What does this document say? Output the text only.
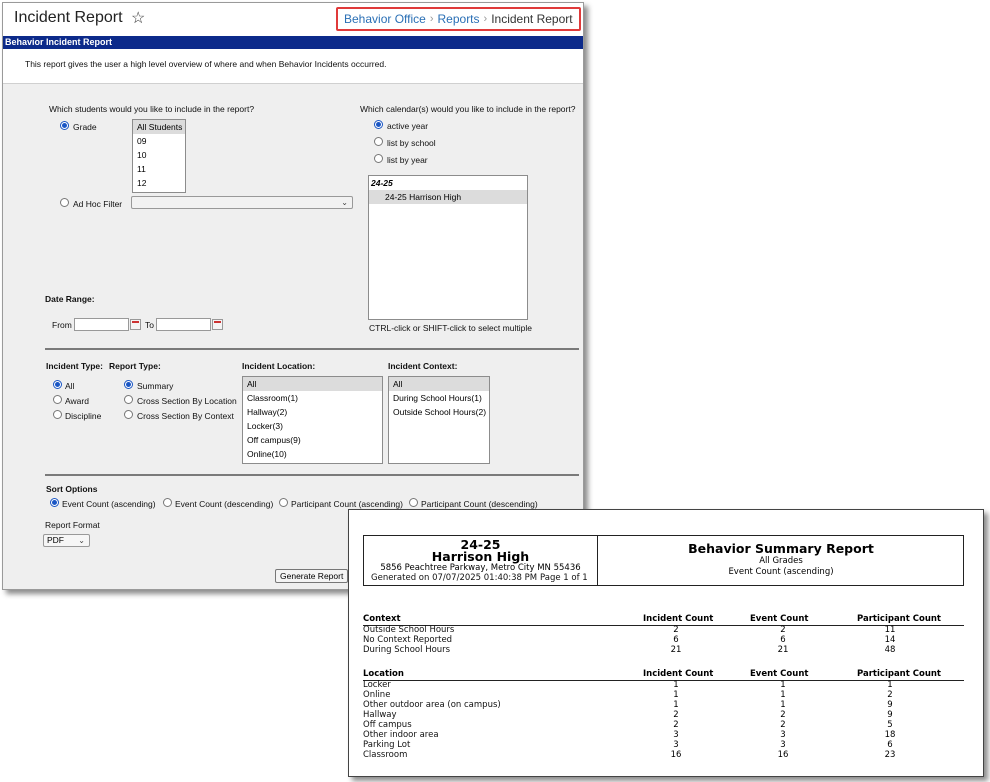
Incident Report ☆	Behavior Office › Reports › Incident Report
Behavior Incident Report
This report gives the user a high level overview of where and when Behavior Incidents occurred.
Which students would you like to include in the report?
Grade	All Students
09
10
11
12
Ad Hoc Filter	⌄
Which calendar(s) would you like to include in the report?
active year
list by school
list by year
24-25
24-25 Harrison High
CTRL-click or SHIFT-click to select multiple
Date Range:
From	To
Incident Type:
All
Award
Discipline
Report Type:
Summary
Cross Section By Location
Cross Section By Context
Incident Location:
All
Classroom(1)
Hallway(2)
Locker(3)
Off campus(9)
Online(10)
Incident Context:
All
During School Hours(1)
Outside School Hours(2)
Sort Options
Event Count (ascending) Event Count (descending) Participant Count (ascending) Participant Count (descending)
Report Format
PDF ⌄
Generate Report
24-25
Harrison High
5856 Peachtree Parkway, Metro City MN 55436
Generated on 07/07/2025 01:40:38 PM Page 1 of 1
Behavior Summary Report
All Grades
Event Count (ascending)
Context	Incident Count	Event Count	Participant Count
Outside School Hours	2	2	11
No Context Reported	6	6	14
During School Hours	21	21	48
Location	Incident Count	Event Count	Participant Count
Locker	1	1	1
Online	1	1	2
Other outdoor area (on campus)	1	1	9
Hallway	2	2	9
Off campus	2	2	5
Other indoor area	3	3	18
Parking Lot	3	3	6
Classroom	16	16	23
